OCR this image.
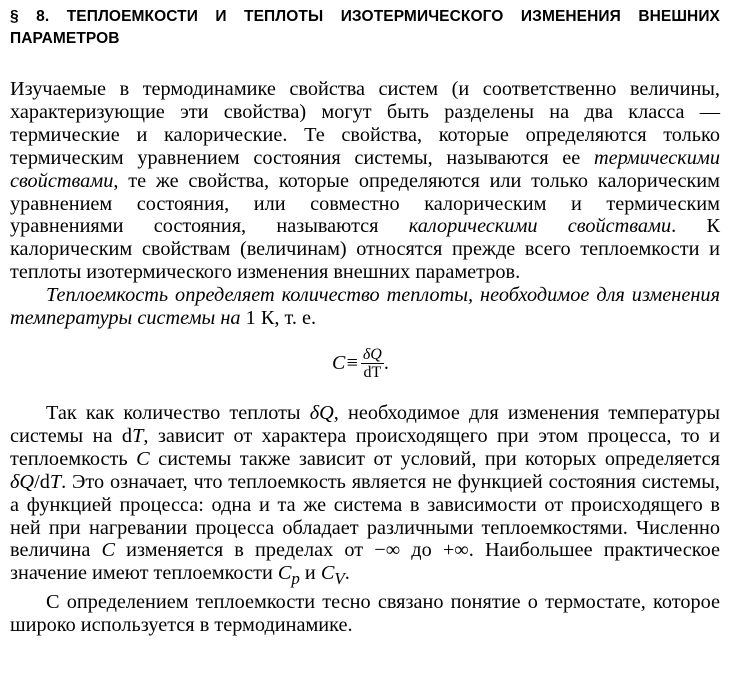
§ 8. ТЕПЛОЕМКОСТИ И ТЕПЛОТЫ ИЗОТЕРМИЧЕСКОГО ИЗМЕНЕНИЯ ВНЕШНИХ ПАРАМЕТРОВ

Изучаемые в термодинамике свойства систем (и соответственно величины, характеризующие эти свойства) могут быть разделены на два класса — термические и калорические. Те свойства, которые определяются только термическим уравнением состояния системы, называются ее термическими свойствами, те же свойства, которые определяются или только калорическим уравнением состояния, или совместно калорическим и термическим уравнениями состояния, называются калорическими свойствами. К калорическим свойствам (величинам) относятся прежде всего теплоемкости и теплоты изотермического изменения внешних параметров.

Теплоемкость определяет количество теплоты, необходимое для изменения температуры системы на 1 К, т. е.

$C\equiv \frac{\delta Q}{dT}$ .

Так как количество теплоты δQ, необходимое для изменения температуры системы на dT, зависит от характера происходящего при этом процесса, то и теплоемкость C системы также зависит от условий, при которых определяется δQ/dT. Это означает, что теплоемкость является не функцией состояния системы, а функцией процесса: одна и та же система в зависимости от происходящего в ней при нагревании процесса обладает различными теплоемкостями. Численно величина C изменяется в пределах от −∞ до +∞. Наибольшее практическое значение имеют теплоемкости $C_p$ и $C_V$.

С определением теплоемкости тесно связано понятие о термостате, которое широко используется в термодинамике.
